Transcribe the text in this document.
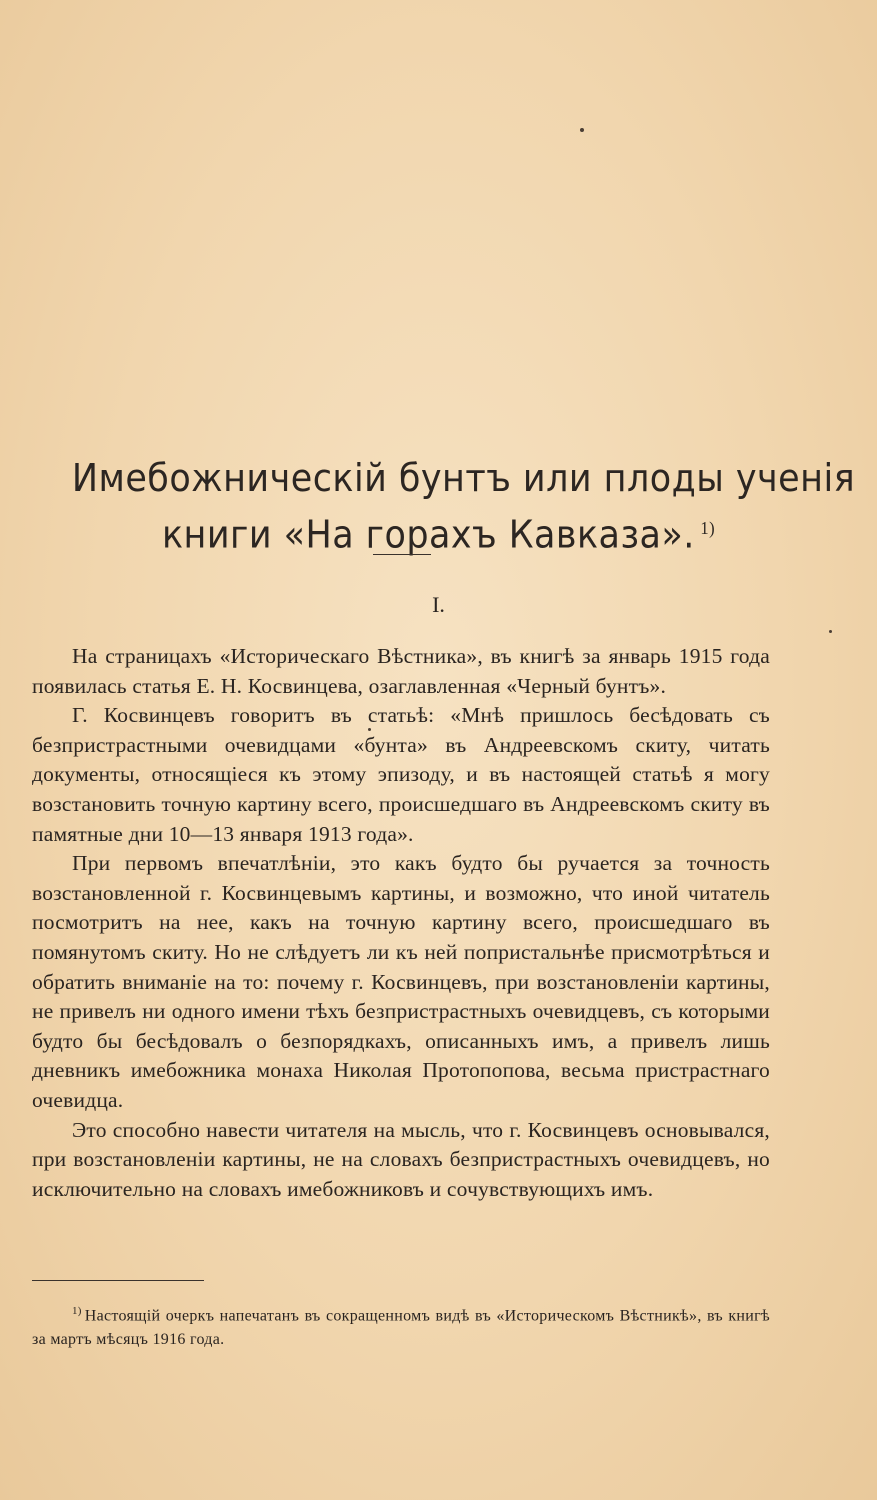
Имебожническій бунтъ или плоды ученія
книги «На горахъ Кавказа». $^{1)}$
I.

На страницахъ «Историческаго Вѣстника», въ книгѣ за январь 1915 года появилась статья Е. Н. Косвинцева, озаглавленная «Черный бунтъ».

Г. Косвинцевъ говоритъ въ статьѣ: «Мнѣ пришлось бесѣдовать съ безпристрастными очевидцами «бунта» въ Андреевскомъ скиту, читать документы, относящіеся къ этому эпизоду, и въ настоящей статьѣ я могу возстановить точную картину всего, происшедшаго въ Андреевскомъ скиту въ памятные дни 10—13 января 1913 года».

При первомъ впечатлѣніи, это какъ будто бы ручается за точность возстановленной г. Косвинцевымъ картины, и возможно, что иной читатель посмотритъ на нее, какъ на точную картину всего, происшедшаго въ помянутомъ скиту. Но не слѣдуетъ ли къ ней попристальнѣе присмотрѣться и обратить вниманіе на то: почему г. Косвинцевъ, при возстановленіи картины, не привелъ ни одного имени тѣхъ безпристрастныхъ очевидцевъ, съ которыми будто бы бесѣдовалъ о безпорядкахъ, описанныхъ имъ, а привелъ лишь дневникъ имебожника монаха Николая Протопопова, весьма пристрастнаго очевидца.

Это способно навести читателя на мысль, что г. Косвинцевъ основывался, при возстановленіи картины, не на словахъ безпристрастныхъ очевидцевъ, но исключительно на словахъ имебожниковъ и сочувствующихъ имъ.

$^{1)}$ Настоящій очеркъ напечатанъ въ сокращенномъ видѣ въ «Историческомъ Вѣстникѣ», въ книгѣ за мартъ мѣсяцъ 1916 года.
